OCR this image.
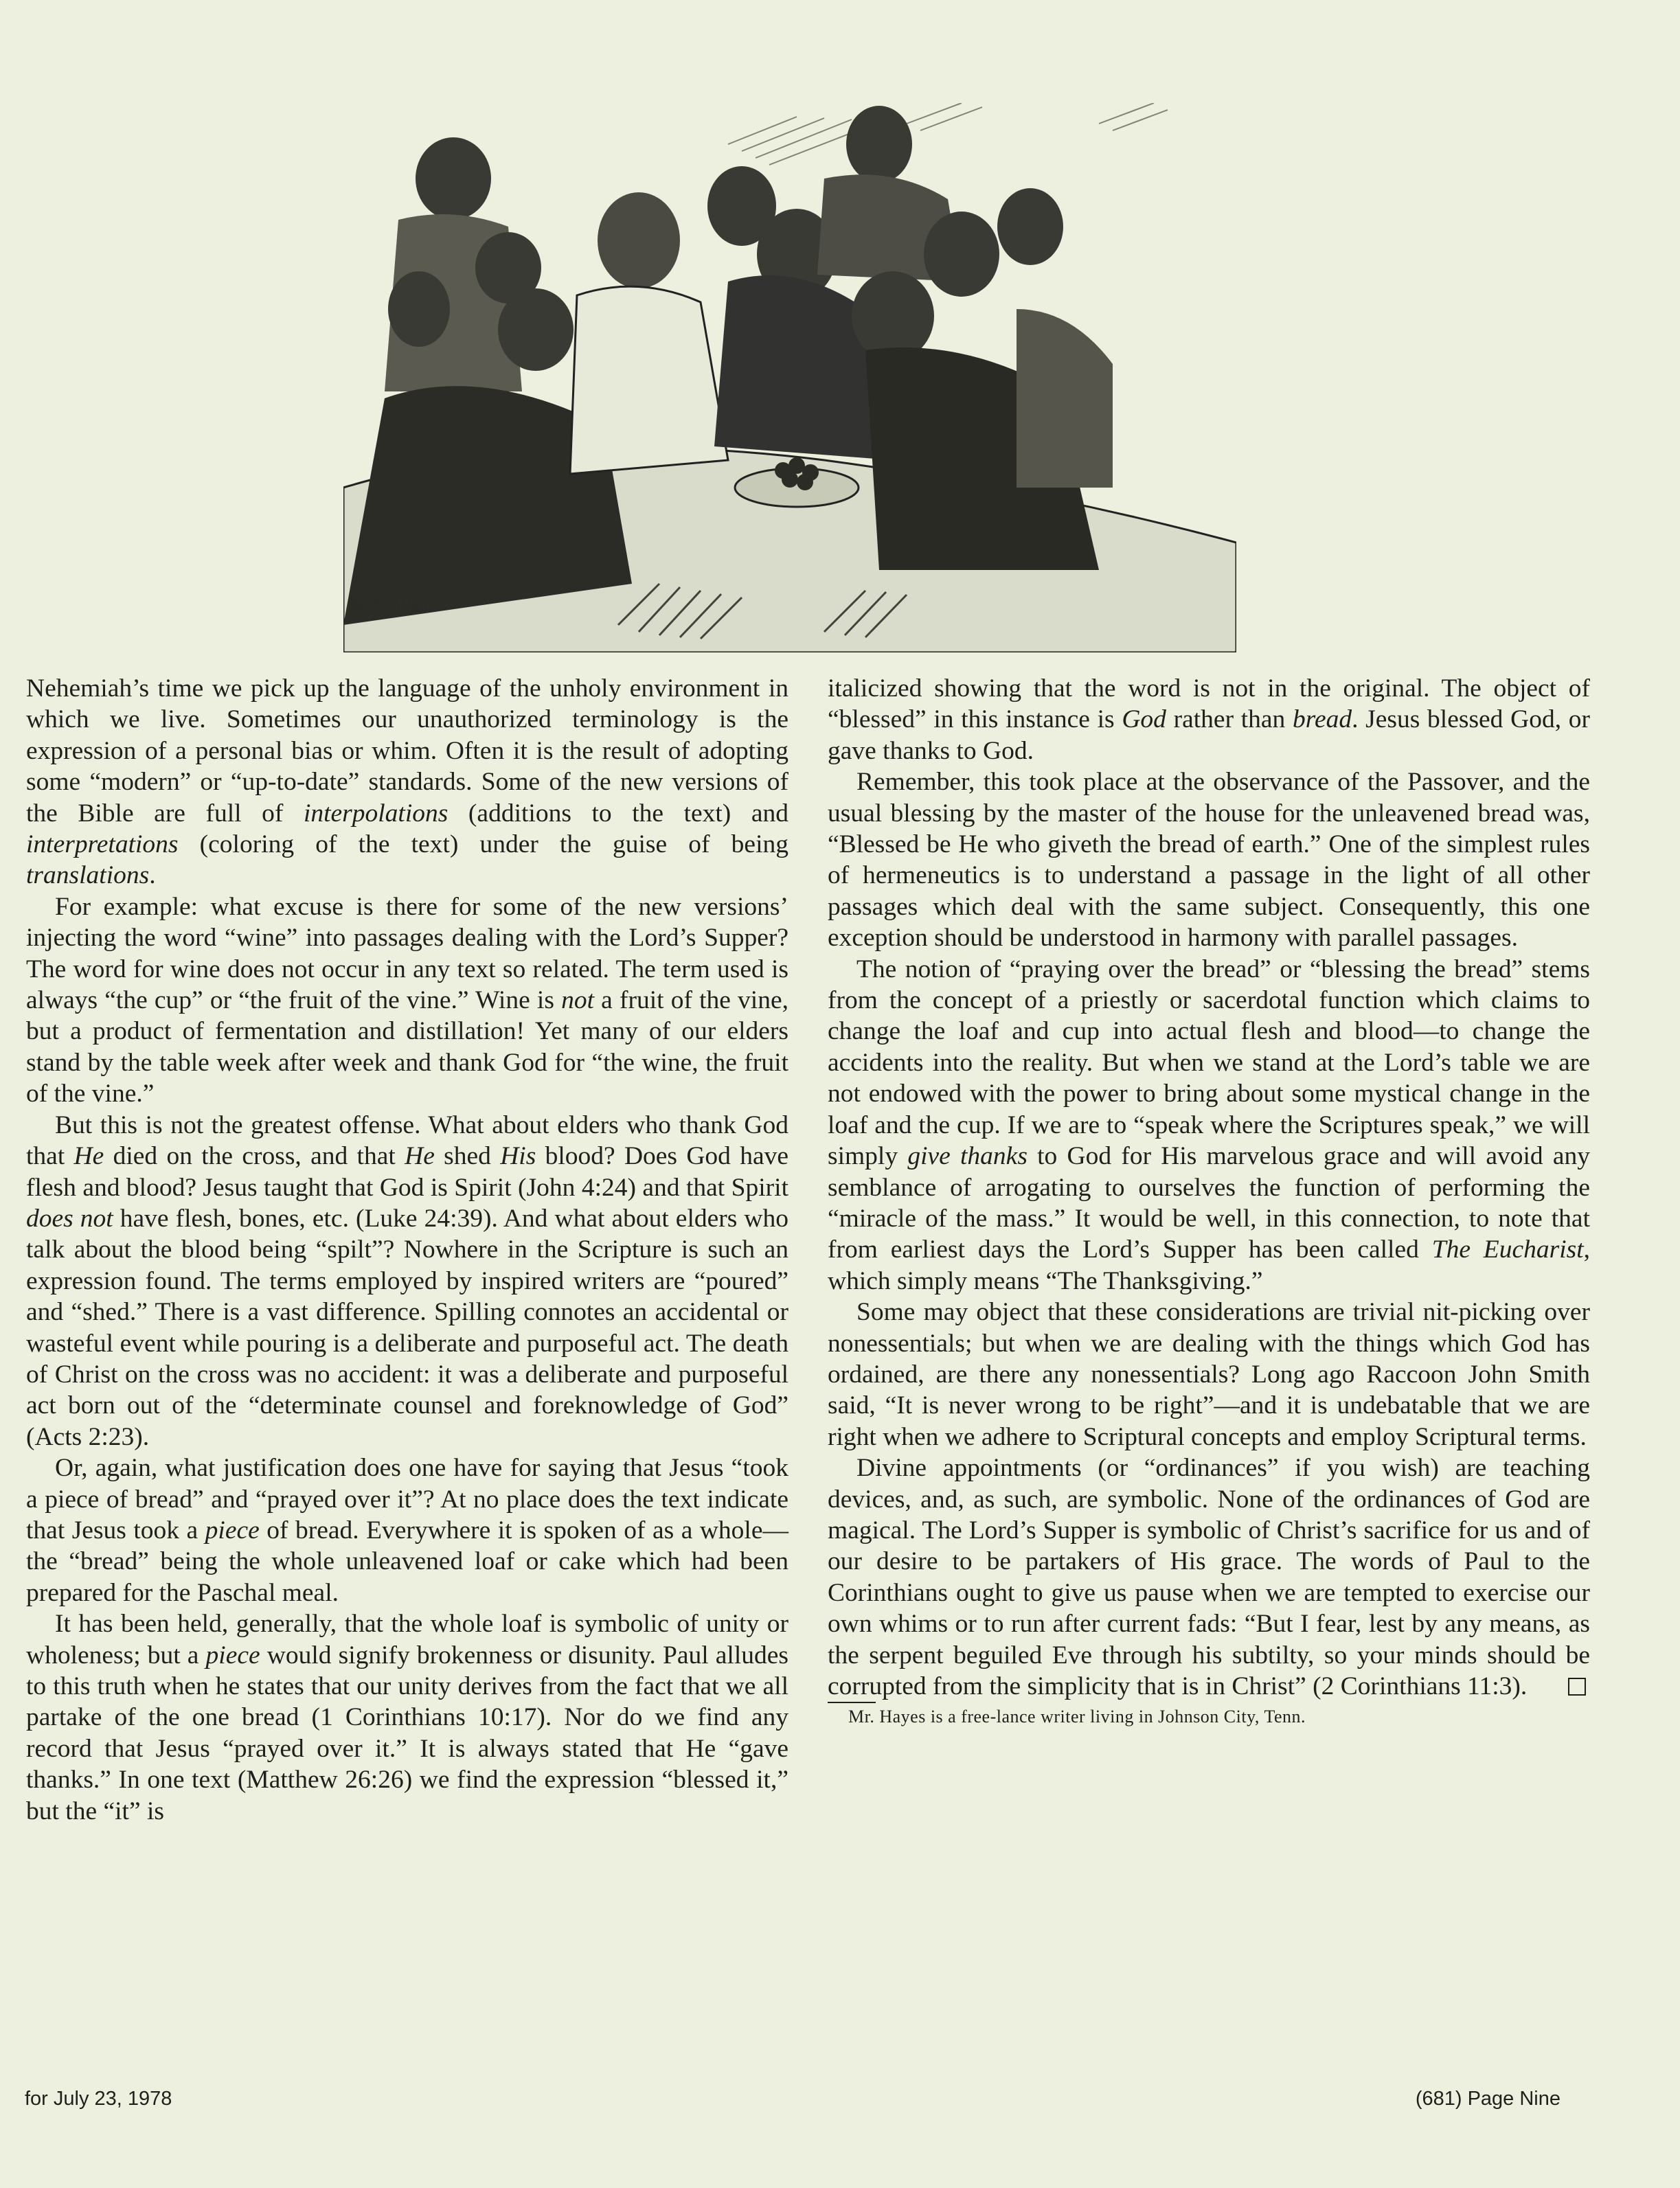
W. S. Allen

Nehemiah’s time we pick up the language of the unholy environment in which we live. Sometimes our unauthorized terminology is the expression of a personal bias or whim. Often it is the result of adopting some “modern” or “up-to-date” standards. Some of the new versions of the Bible are full of interpolations (additions to the text) and interpretations (coloring of the text) under the guise of being translations.

For example: what excuse is there for some of the new versions’ injecting the word “wine” into passages dealing with the Lord’s Supper? The word for wine does not occur in any text so related. The term used is always “the cup” or “the fruit of the vine.” Wine is not a fruit of the vine, but a product of fermentation and distillation! Yet many of our elders stand by the table week after week and thank God for “the wine, the fruit of the vine.”

But this is not the greatest offense. What about elders who thank God that He died on the cross, and that He shed His blood? Does God have flesh and blood? Jesus taught that God is Spirit (John 4:24) and that Spirit does not have flesh, bones, etc. (Luke 24:39). And what about elders who talk about the blood being “spilt”? Nowhere in the Scripture is such an expression found. The terms employed by inspired writers are “poured” and “shed.” There is a vast difference. Spilling connotes an accidental or wasteful event while pouring is a deliberate and purposeful act. The death of Christ on the cross was no accident: it was a deliberate and purposeful act born out of the “determinate counsel and foreknowledge of God” (Acts 2:23).

Or, again, what justification does one have for saying that Jesus “took a piece of bread” and “prayed over it”? At no place does the text indicate that Jesus took a piece of bread. Everywhere it is spoken of as a whole—the “bread” being the whole unleavened loaf or cake which had been prepared for the Paschal meal.

It has been held, generally, that the whole loaf is symbolic of unity or wholeness; but a piece would signify brokenness or disunity. Paul alludes to this truth when he states that our unity derives from the fact that we all partake of the one bread (1 Corinthians 10:17). Nor do we find any record that Jesus “prayed over it.” It is always stated that He “gave thanks.” In one text (Matthew 26:26) we find the expression “blessed it,” but the “it” is

italicized showing that the word is not in the original. The object of “blessed” in this instance is God rather than bread. Jesus blessed God, or gave thanks to God.

Remember, this took place at the observance of the Passover, and the usual blessing by the master of the house for the unleavened bread was, “Blessed be He who giveth the bread of earth.” One of the simplest rules of hermeneutics is to understand a passage in the light of all other passages which deal with the same subject. Consequently, this one exception should be understood in harmony with parallel passages.

The notion of “praying over the bread” or “blessing the bread” stems from the concept of a priestly or sacerdotal function which claims to change the loaf and cup into actual flesh and blood—to change the accidents into the reality. But when we stand at the Lord’s table we are not endowed with the power to bring about some mystical change in the loaf and the cup. If we are to “speak where the Scriptures speak,” we will simply give thanks to God for His marvelous grace and will avoid any semblance of arrogating to ourselves the function of performing the “miracle of the mass.” It would be well, in this connection, to note that from earliest days the Lord’s Supper has been called The Eucharist, which simply means “The Thanksgiving.”

Some may object that these considerations are trivial nit-picking over nonessentials; but when we are dealing with the things which God has ordained, are there any nonessentials? Long ago Raccoon John Smith said, “It is never wrong to be right”—and it is undebatable that we are right when we adhere to Scriptural concepts and employ Scriptural terms.

Divine appointments (or “ordinances” if you wish) are teaching devices, and, as such, are symbolic. None of the ordinances of God are magical. The Lord’s Supper is symbolic of Christ’s sacrifice for us and of our desire to be partakers of His grace. The words of Paul to the Corinthians ought to give us pause when we are tempted to exercise our own whims or to run after current fads: “But I fear, lest by any means, as the serpent beguiled Eve through his subtilty, so your minds should be corrupted from the simplicity that is in Christ” (2 Corinthians 11:3).

Mr. Hayes is a free-lance writer living in Johnson City, Tenn.
for July 23, 1978	(681) Page Nine
